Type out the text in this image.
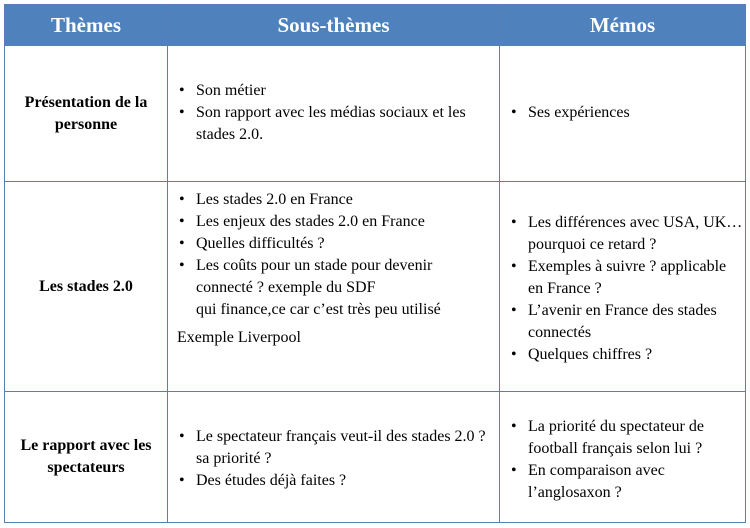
Thèmes	Sous-thèmes	Mémos
Présentation de la personne
• Son métier
• Son rapport avec les médias sociaux et les stades 2.0.
• Ses expériences
Les stades 2.0
• Les stades 2.0 en France
• Les enjeux des stades 2.0 en France
• Quelles difficultés ?
• Les coûts pour un stade pour devenir connecté ? exemple du SDF
qui finance,ce car c’est très peu utilisé
Exemple Liverpool
• Les différences avec USA, UK… pourquoi ce retard ?
• Exemples à suivre ? applicable en France ?
• L’avenir en France des stades connectés
• Quelques chiffres ?
Le rapport avec les spectateurs
• Le spectateur français veut-il des stades 2.0 ? sa priorité ?
• Des études déjà faites ?
• La priorité du spectateur de football français selon lui ?
• En comparaison avec l’anglosaxon ?
